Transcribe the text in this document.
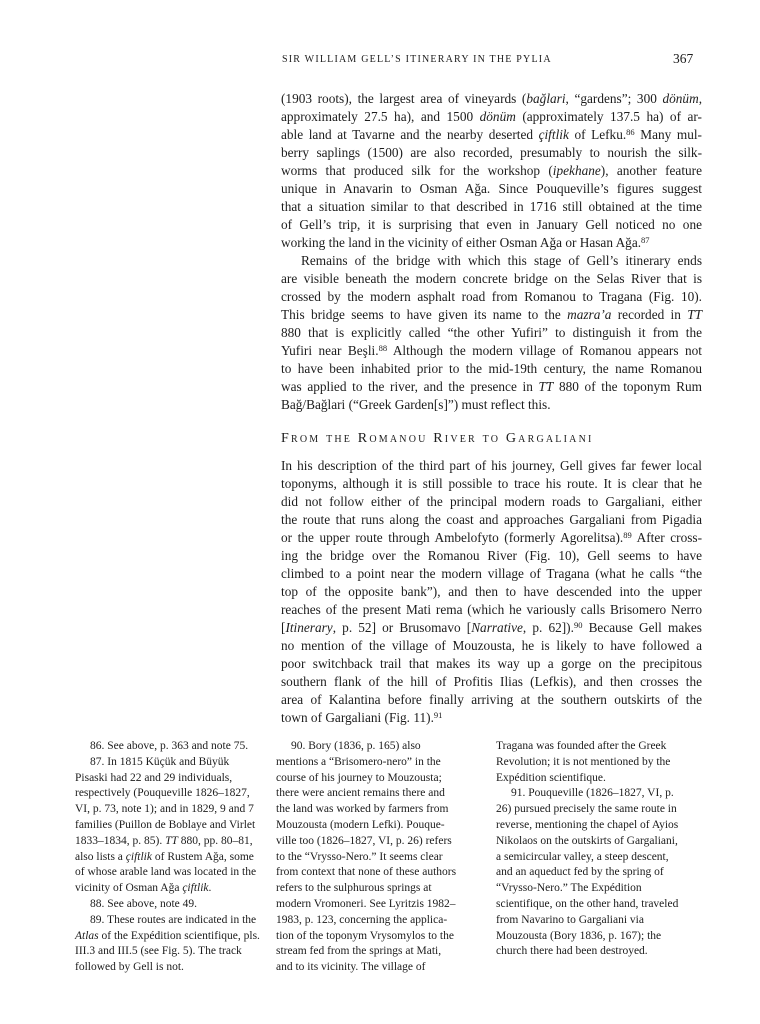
SIR WILLIAM GELL’S ITINERARY IN THE PYLIA	367
(1903 roots), the largest area of vineyards (bağlari, “gardens”; 300 dönüm,
approximately 27.5 ha), and 1500 dönüm (approximately 137.5 ha) of ar-
able land at Tavarne and the nearby deserted çiftlik of Lefku.$^{86}$ Many mul-
berry saplings (1500) are also recorded, presumably to nourish the silk-
worms that produced silk for the workshop (ipekhane), another feature
unique in Anavarin to Osman Ağa. Since Pouqueville’s figures suggest
that a situation similar to that described in 1716 still obtained at the time
of Gell’s trip, it is surprising that even in January Gell noticed no one
working the land in the vicinity of either Osman Ağa or Hasan Ağa.$^{87}$
Remains of the bridge with which this stage of Gell’s itinerary ends
are visible beneath the modern concrete bridge on the Selas River that is
crossed by the modern asphalt road from Romanou to Tragana (Fig. 10).
This bridge seems to have given its name to the mazra’a recorded in TT
880 that is explicitly called “the other Yufiri” to distinguish it from the
Yufiri near Beşli.$^{88}$ Although the modern village of Romanou appears not
to have been inhabited prior to the mid-19th century, the name Romanou
was applied to the river, and the presence in TT 880 of the toponym Rum
Bağ/Bağlari (“Greek Garden[s]”) must reflect this.
From the Romanou River to Gargaliani
In his description of the third part of his journey, Gell gives far fewer local
toponyms, although it is still possible to trace his route. It is clear that he
did not follow either of the principal modern roads to Gargaliani, either
the route that runs along the coast and approaches Gargaliani from Pigadia
or the upper route through Ambelofyto (formerly Agorelitsa).$^{89}$ After cross-
ing the bridge over the Romanou River (Fig. 10), Gell seems to have
climbed to a point near the modern village of Tragana (what he calls “the
top of the opposite bank”), and then to have descended into the upper
reaches of the present Mati rema (which he variously calls Brisomero Nerro
[Itinerary, p. 52] or Brusomavo [Narrative, p. 62]).$^{90}$ Because Gell makes
no mention of the village of Mouzousta, he is likely to have followed a
poor switchback trail that makes its way up a gorge on the precipitous
southern flank of the hill of Profitis Ilias (Lefkis), and then crosses the
area of Kalantina before finally arriving at the southern outskirts of the
town of Gargaliani (Fig. 11).$^{91}$
86. See above, p. 363 and note 75.
87. In 1815 Küçük and Büyük
Pisaski had 22 and 29 individuals,
respectively (Pouqueville 1826–1827,
VI, p. 73, note 1); and in 1829, 9 and 7
families (Puillon de Boblaye and Virlet
1833–1834, p. 85). TT 880, pp. 80–81,
also lists a çiftlik of Rustem Ağa, some
of whose arable land was located in the
vicinity of Osman Ağa çiftlik.
88. See above, note 49.
89. These routes are indicated in the
Atlas of the Expédition scientifique, pls.
III.3 and III.5 (see Fig. 5). The track
followed by Gell is not.
90. Bory (1836, p. 165) also
mentions a “Brisomero-nero” in the
course of his journey to Mouzousta;
there were ancient remains there and
the land was worked by farmers from
Mouzousta (modern Lefki). Pouque-
ville too (1826–1827, VI, p. 26) refers
to the “Vrysso-Nero.” It seems clear
from context that none of these authors
refers to the sulphurous springs at
modern Vromoneri. See Lyritzis 1982–
1983, p. 123, concerning the applica-
tion of the toponym Vrysomylos to the
stream fed from the springs at Mati,
and to its vicinity. The village of
Tragana was founded after the Greek
Revolution; it is not mentioned by the
Expédition scientifique.
91. Pouqueville (1826–1827, VI, p.
26) pursued precisely the same route in
reverse, mentioning the chapel of Ayios
Nikolaos on the outskirts of Gargaliani,
a semicircular valley, a steep descent,
and an aqueduct fed by the spring of
“Vrysso-Nero.” The Expédition
scientifique, on the other hand, traveled
from Navarino to Gargaliani via
Mouzousta (Bory 1836, p. 167); the
church there had been destroyed.
